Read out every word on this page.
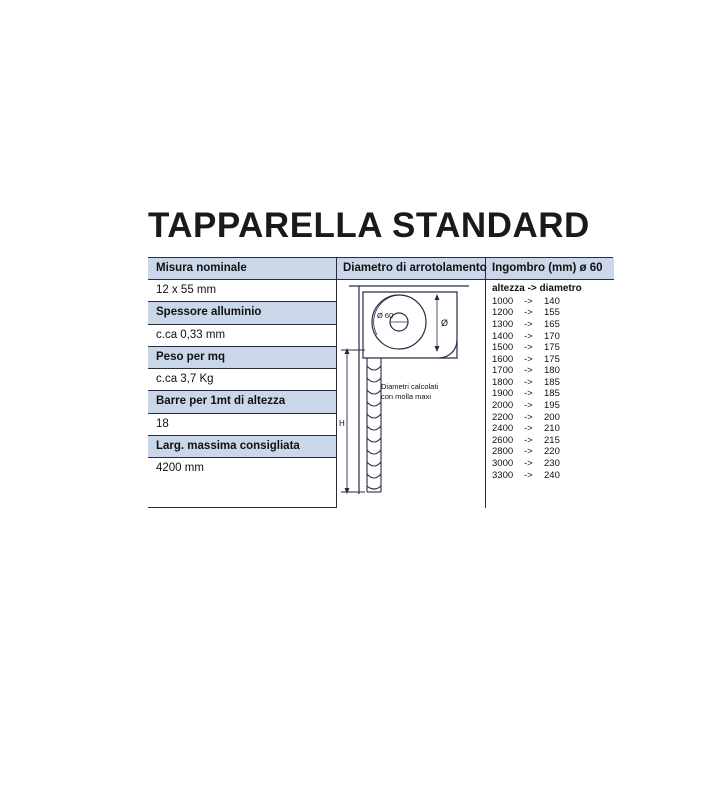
TAPPARELLA STANDARD
Misura nominale
12 x 55 mm
Spessore alluminio
c.ca 0,33 mm
Peso per mq
c.ca 3,7 Kg
Barre per 1mt di altezza
18
Larg. massima consigliata
4200 mm
Diametro di arrotolamento
H
Ø 60
Ø
Diametri calcolati con molla maxi
Ingombro (mm) ø 60
altezza -> diametro
1000 -> 140
1200 -> 155
1300 -> 165
1400 -> 170
1500 -> 175
1600 -> 175
1700 -> 180
1800 -> 185
1900 -> 185
2000 -> 195
2200 -> 200
2400 -> 210
2600 -> 215
2800 -> 220
3000 -> 230
3300 -> 240
